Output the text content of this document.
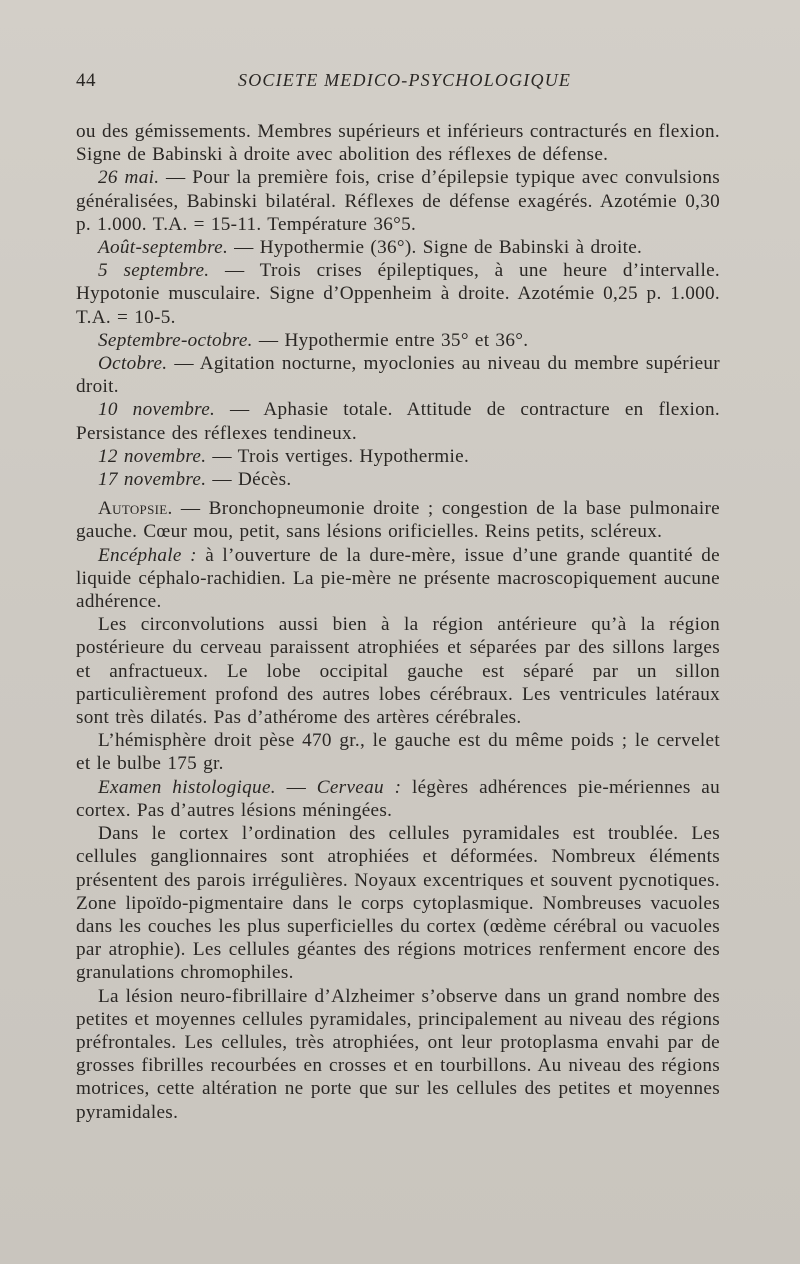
44	SOCIETE MEDICO-PSYCHOLOGIQUE

ou des gémissements. Membres supérieurs et inférieurs contracturés en flexion. Signe de Babinski à droite avec abolition des réflexes de défense.

26 mai. — Pour la première fois, crise d’épilepsie typique avec convulsions généralisées, Babinski bilatéral. Réflexes de défense exagérés. Azotémie 0,30 p. 1.000. T.A. = 15-11. Température 36°5.

Août-septembre. — Hypothermie (36°). Signe de Babinski à droite.

5 septembre. — Trois crises épileptiques, à une heure d’intervalle. Hypotonie musculaire. Signe d’Oppenheim à droite. Azotémie 0,25 p. 1.000. T.A. = 10-5.

Septembre-octobre. — Hypothermie entre 35° et 36°.

Octobre. — Agitation nocturne, myoclonies au niveau du membre supérieur droit.

10 novembre. — Aphasie totale. Attitude de contracture en flexion. Persistance des réflexes tendineux.

12 novembre. — Trois vertiges. Hypothermie.

17 novembre. — Décès.

Autopsie. — Bronchopneumonie droite ; congestion de la base pulmonaire gauche. Cœur mou, petit, sans lésions orificielles. Reins petits, scléreux.

Encéphale : à l’ouverture de la dure-mère, issue d’une grande quantité de liquide céphalo-rachidien. La pie-mère ne présente macroscopiquement aucune adhérence.

Les circonvolutions aussi bien à la région antérieure qu’à la région postérieure du cerveau paraissent atrophiées et séparées par des sillons larges et anfractueux. Le lobe occipital gauche est séparé par un sillon particulièrement profond des autres lobes cérébraux. Les ventricules latéraux sont très dilatés. Pas d’athérome des artères cérébrales.

L’hémisphère droit pèse 470 gr., le gauche est du même poids ; le cervelet et le bulbe 175 gr.

Examen histologique. — Cerveau : légères adhérences pie-mériennes au cortex. Pas d’autres lésions méningées.

Dans le cortex l’ordination des cellules pyramidales est troublée. Les cellules ganglionnaires sont atrophiées et déformées. Nombreux éléments présentent des parois irrégulières. Noyaux excentriques et souvent pycnotiques. Zone lipoïdo-pigmentaire dans le corps cytoplasmique. Nombreuses vacuoles dans les couches les plus superficielles du cortex (œdème cérébral ou vacuoles par atrophie). Les cellules géantes des régions motrices renferment encore des granulations chromophiles.

La lésion neuro-fibrillaire d’Alzheimer s’observe dans un grand nombre des petites et moyennes cellules pyramidales, principalement au niveau des régions préfrontales. Les cellules, très atrophiées, ont leur protoplasma envahi par de grosses fibrilles recourbées en crosses et en tourbillons. Au niveau des régions motrices, cette altération ne porte que sur les cellules des petites et moyennes pyramidales.
